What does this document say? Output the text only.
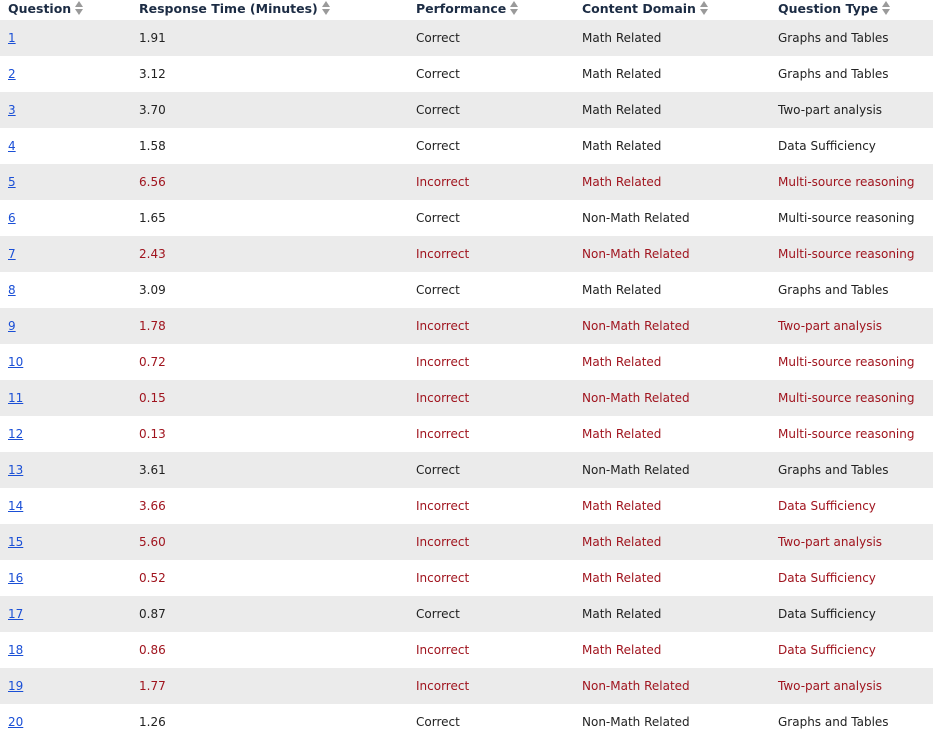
Question	Response Time (Minutes)	Performance	Content Domain	Question Type
1	1.91	Correct	Math Related	Graphs and Tables
2	3.12	Correct	Math Related	Graphs and Tables
3	3.70	Correct	Math Related	Two-part analysis
4	1.58	Correct	Math Related	Data Sufficiency
5	6.56	Incorrect	Math Related	Multi-source reasoning
6	1.65	Correct	Non-Math Related	Multi-source reasoning
7	2.43	Incorrect	Non-Math Related	Multi-source reasoning
8	3.09	Correct	Math Related	Graphs and Tables
9	1.78	Incorrect	Non-Math Related	Two-part analysis
10	0.72	Incorrect	Math Related	Multi-source reasoning
11	0.15	Incorrect	Non-Math Related	Multi-source reasoning
12	0.13	Incorrect	Math Related	Multi-source reasoning
13	3.61	Correct	Non-Math Related	Graphs and Tables
14	3.66	Incorrect	Math Related	Data Sufficiency
15	5.60	Incorrect	Math Related	Two-part analysis
16	0.52	Incorrect	Math Related	Data Sufficiency
17	0.87	Correct	Math Related	Data Sufficiency
18	0.86	Incorrect	Math Related	Data Sufficiency
19	1.77	Incorrect	Non-Math Related	Two-part analysis
20	1.26	Correct	Non-Math Related	Graphs and Tables
